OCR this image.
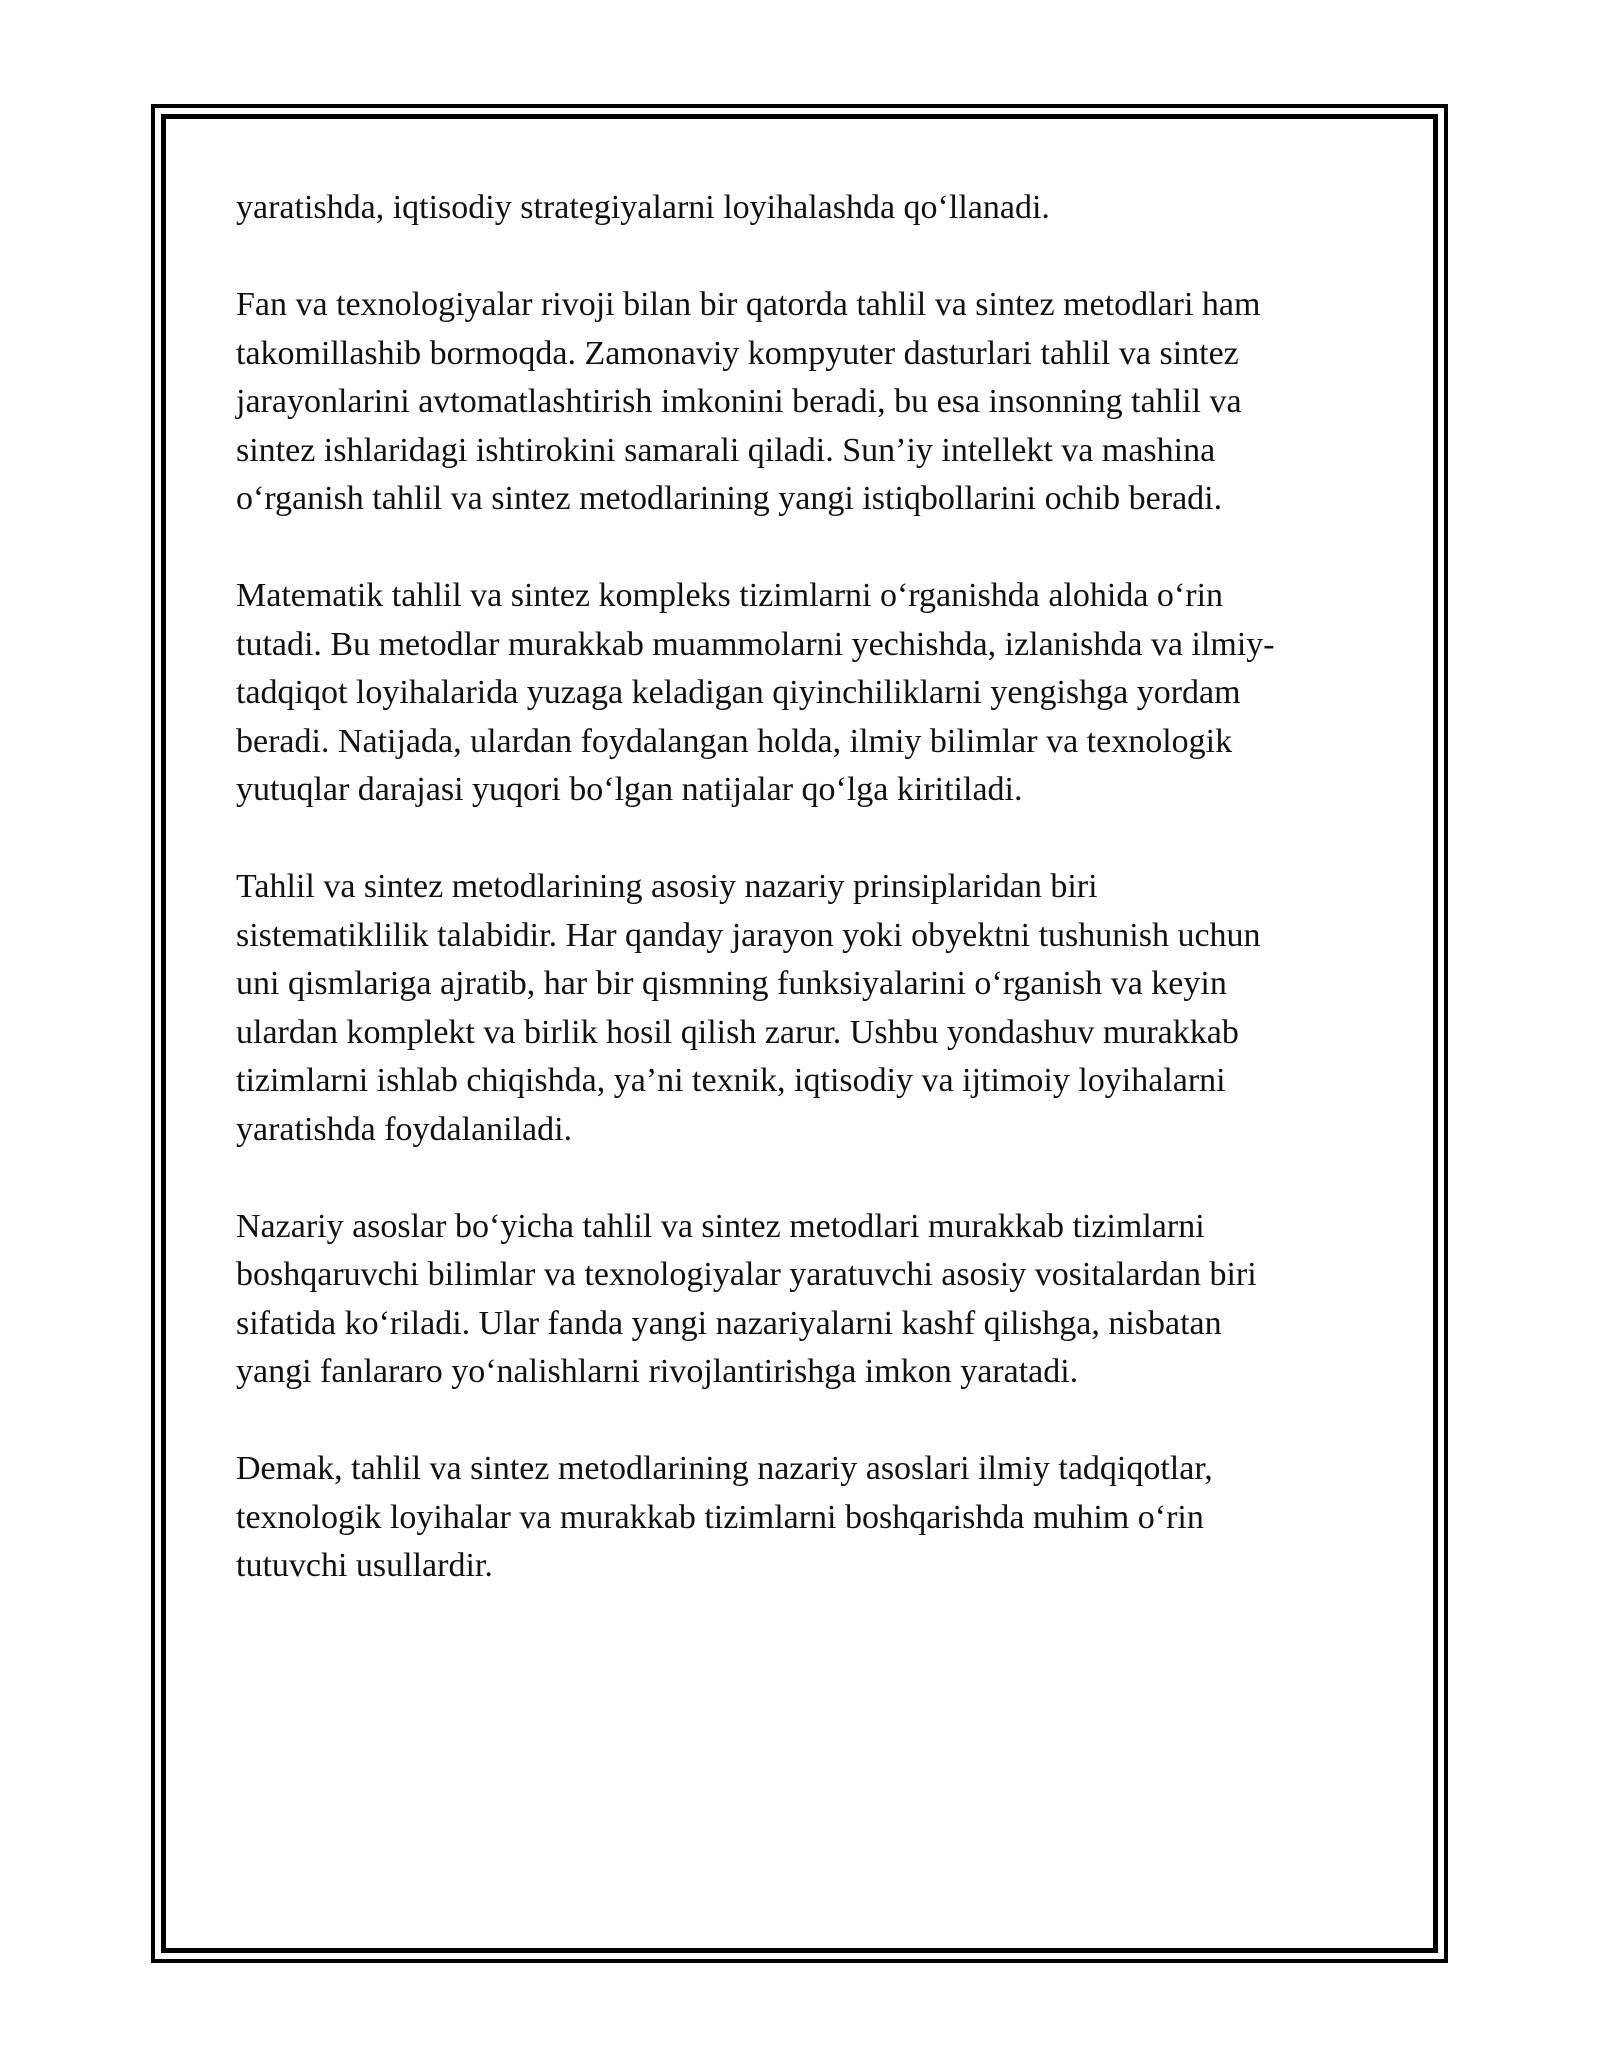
yaratishda, iqtisodiy strategiyalarni loyihalashda qoʻllanadi.

Fan va texnologiyalar rivoji bilan bir qatorda tahlil va sintez metodlari ham
takomillashib bormoqda. Zamonaviy kompyuter dasturlari tahlil va sintez
jarayonlarini avtomatlashtirish imkonini beradi, bu esa insonning tahlil va
sintez ishlaridagi ishtirokini samarali qiladi. Sun’iy intellekt va mashina
oʻrganish tahlil va sintez metodlarining yangi istiqbollarini ochib beradi.

Matematik tahlil va sintez kompleks tizimlarni oʻrganishda alohida oʻrin
tutadi. Bu metodlar murakkab muammolarni yechishda, izlanishda va ilmiy-
tadqiqot loyihalarida yuzaga keladigan qiyinchiliklarni yengishga yordam
beradi. Natijada, ulardan foydalangan holda, ilmiy bilimlar va texnologik
yutuqlar darajasi yuqori boʻlgan natijalar qoʻlga kiritiladi.

Tahlil va sintez metodlarining asosiy nazariy prinsiplaridan biri
sistematiklilik talabidir. Har qanday jarayon yoki obyektni tushunish uchun
uni qismlariga ajratib, har bir qismning funksiyalarini oʻrganish va keyin
ulardan komplekt va birlik hosil qilish zarur. Ushbu yondashuv murakkab
tizimlarni ishlab chiqishda, ya’ni texnik, iqtisodiy va ijtimoiy loyihalarni
yaratishda foydalaniladi.

Nazariy asoslar boʻyicha tahlil va sintez metodlari murakkab tizimlarni
boshqaruvchi bilimlar va texnologiyalar yaratuvchi asosiy vositalardan biri
sifatida koʻriladi. Ular fanda yangi nazariyalarni kashf qilishga, nisbatan
yangi fanlararo yoʻnalishlarni rivojlantirishga imkon yaratadi.

Demak, tahlil va sintez metodlarining nazariy asoslari ilmiy tadqiqotlar,
texnologik loyihalar va murakkab tizimlarni boshqarishda muhim oʻrin
tutuvchi usullardir.
